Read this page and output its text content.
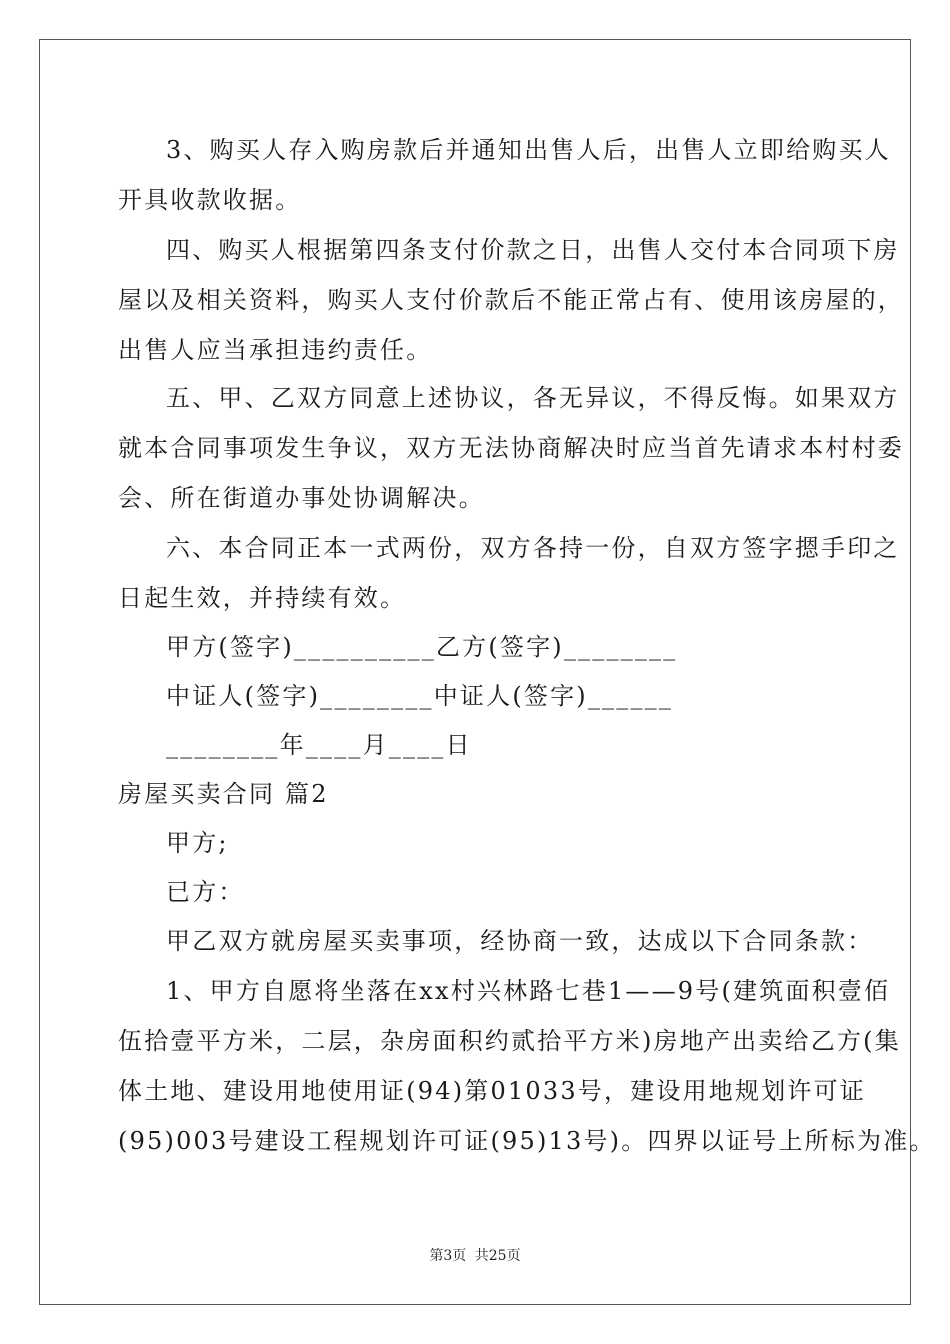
3、购买人存入购房款后并通知出售人后，出售人立即给购买人
开具收款收据。
四、购买人根据第四条支付价款之日，出售人交付本合同项下房
屋以及相关资料，购买人支付价款后不能正常占有、使用该房屋的，
出售人应当承担违约责任。
五、甲、乙双方同意上述协议，各无异议，不得反悔。如果双方
就本合同事项发生争议，双方无法协商解决时应当首先请求本村村委
会、所在街道办事处协调解决。
六、本合同正本一式两份，双方各持一份，自双方签字摁手印之
日起生效，并持续有效。
甲方(签字)__________乙方(签字)________
中证人(签字)________中证人(签字)______
________年____月____日
房屋买卖合同 篇2
甲方;
已方：
甲乙双方就房屋买卖事项，经协商一致，达成以下合同条款：
1、甲方自愿将坐落在xx村兴林路七巷1——9号(建筑面积壹佰
伍拾壹平方米，二层，杂房面积约贰拾平方米)房地产出卖给乙方(集
体土地、建设用地使用证(94)第01033号，建设用地规划许可证
(95)003号建设工程规划许可证(95)13号)。四界以证号上所标为准。
第3页 共25页
